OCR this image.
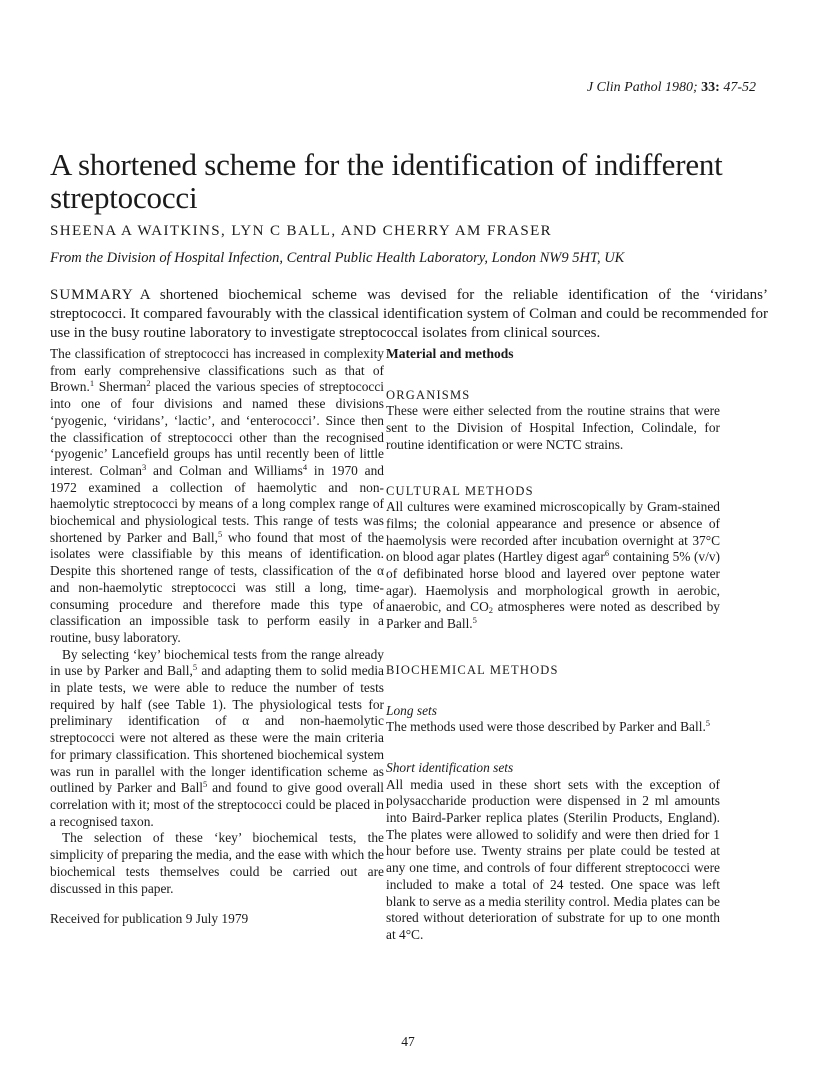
J Clin Pathol 1980; 33: 47-52
A shortened scheme for the identification of indifferent streptococci
SHEENA A WAITKINS, LYN C BALL, AND CHERRY AM FRASER
From the Division of Hospital Infection, Central Public Health Laboratory, London NW9 5HT, UK

SUMMARY A shortened biochemical scheme was devised for the reliable identification of the ‘viridans’ streptococci. It compared favourably with the classical identification system of Colman and could be recommended for use in the busy routine laboratory to investigate streptococcal isolates from clinical sources.

The classification of streptococci has increased in complexity from early comprehensive classifications such as that of Brown.$^1$ Sherman$^2$ placed the various species of streptococci into one of four divisions and named these divisions ‘pyogenic, ‘viridans’, ‘lactic’, and ‘enterococci’. Since then the classification of streptococci other than the recognised ‘pyogenic’ Lancefield groups has until recently been of little interest. Colman$^3$ and Colman and Williams$^4$ in 1970 and 1972 examined a collection of haemolytic and non-haemolytic streptococci by means of a long complex range of biochemical and physiological tests. This range of tests was shortened by Parker and Ball,$^5$ who found that most of the isolates were classifiable by this means of identification. Despite this shortened range of tests, classification of the α and non-haemolytic streptococci was still a long, time-consuming procedure and therefore made this type of classification an impossible task to perform easily in a routine, busy laboratory.

By selecting ‘key’ biochemical tests from the range already in use by Parker and Ball,$^5$ and adapting them to solid media in plate tests, we were able to reduce the number of tests required by half (see Table 1). The physiological tests for preliminary identification of α and non-haemolytic streptococci were not altered as these were the main criteria for primary classification. This shortened biochemical system was run in parallel with the longer identification scheme as outlined by Parker and Ball$^5$ and found to give good overall correlation with it; most of the streptococci could be placed in a recognised taxon.

The selection of these ‘key’ biochemical tests, the simplicity of preparing the media, and the ease with which the biochemical tests themselves could be carried out are discussed in this paper.

Received for publication 9 July 1979

Material and methods

ORGANISMS

These were either selected from the routine strains that were sent to the Division of Hospital Infection, Colindale, for routine identification or were NCTC strains.

CULTURAL METHODS

All cultures were examined microscopically by Gram-stained films; the colonial appearance and presence or absence of haemolysis were recorded after incubation overnight at 37°C on blood agar plates (Hartley digest agar$^6$ containing 5% (v/v) of defibinated horse blood and layered over peptone water agar). Haemolysis and morphological growth in aerobic, anaerobic, and $CO_2$ atmospheres were noted as described by Parker and Ball.$^5$

BIOCHEMICAL METHODS

Long sets

The methods used were those described by Parker and Ball.$^5$

Short identification sets

All media used in these short sets with the exception of polysaccharide production were dispensed in 2 ml amounts into Baird-Parker replica plates (Sterilin Products, England). The plates were allowed to solidify and were then dried for 1 hour before use. Twenty strains per plate could be tested at any one time, and controls of four different streptococci were included to make a total of 24 tested. One space was left blank to serve as a media sterility control. Media plates can be stored without deterioration of substrate for up to one month at 4°C.

47
